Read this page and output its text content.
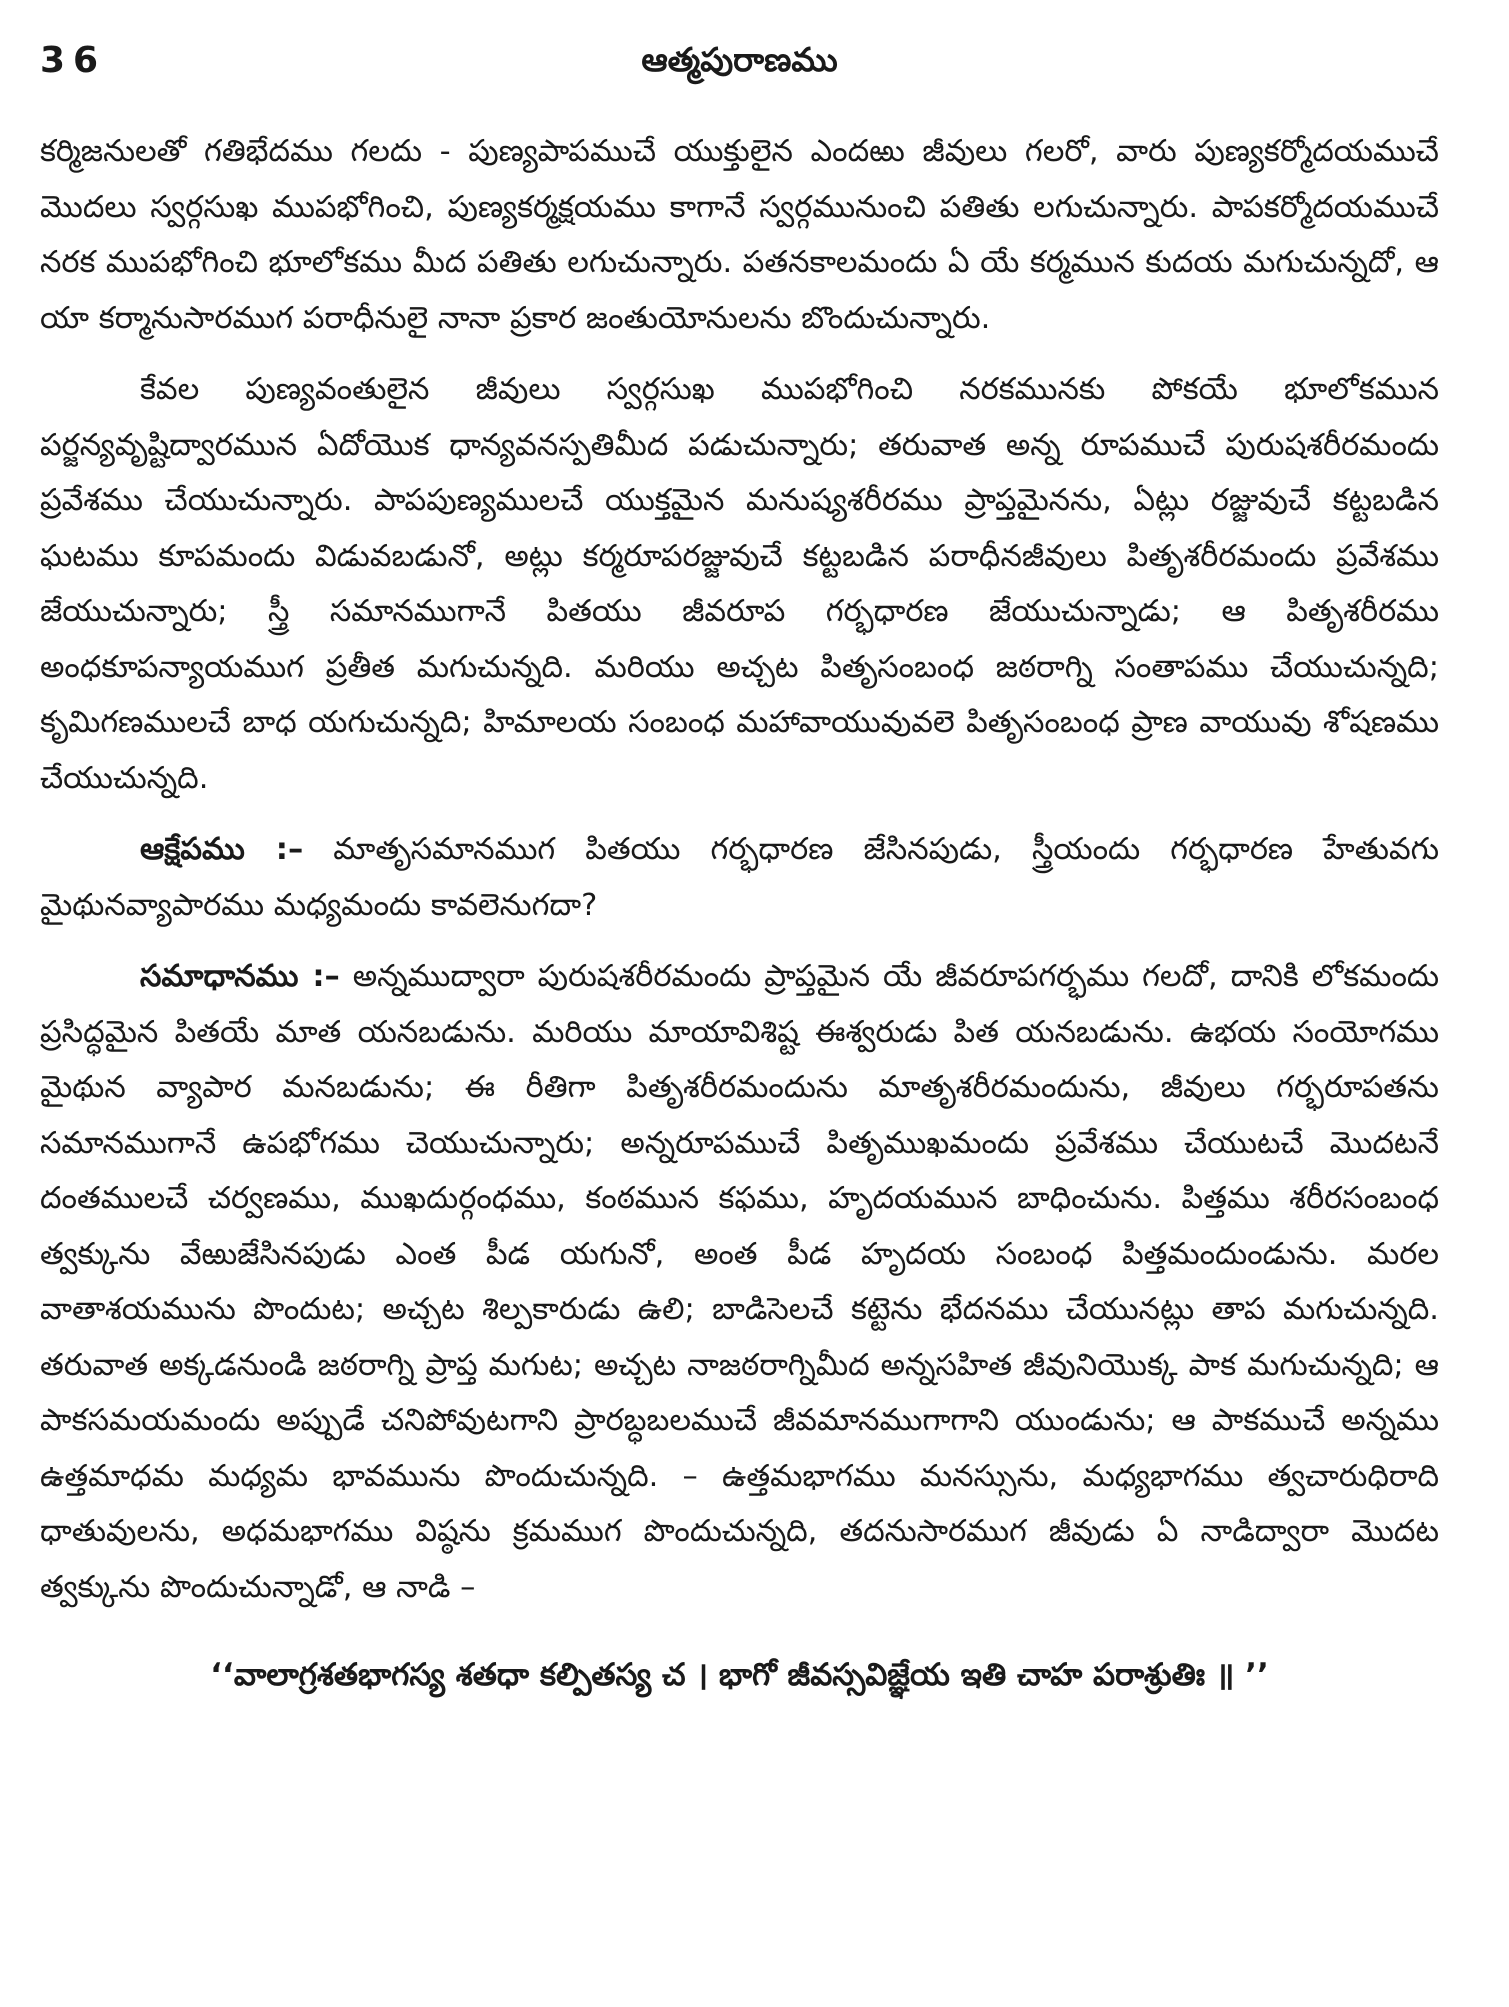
36	ఆత్మపురాణము

కర్మిజనులతో గతిభేదము గలదు - పుణ్యపాపముచే యుక్తులైన ఎందఱు జీవులు గలరో, వారు పుణ్యకర్మోదయముచే మొదలు స్వర్గసుఖ ముపభోగించి, పుణ్యకర్మక్షయము కాగానే స్వర్గమునుంచి పతితు లగుచున్నారు. పాపకర్మోదయముచే నరక ముపభోగించి భూలోకము మీద పతితు లగుచున్నారు. పతనకాలమందు ఏ యే కర్మమున కుదయ మగుచున్నదో, ఆ యా కర్మానుసారముగ పరాధీనులై నానా ప్రకార జంతుయోనులను బొందుచున్నారు.

కేవల పుణ్యవంతులైన జీవులు స్వర్గసుఖ ముపభోగించి నరకమునకు పోకయే భూలోకమున పర్జన్యవృష్టిద్వారమున ఏదోయొక ధాన్యవనస్పతిమీద పడుచున్నారు; తరువాత అన్న రూపముచే పురుషశరీరమందు ప్రవేశము చేయుచున్నారు. పాపపుణ్యములచే యుక్తమైన మనుష్యశరీరము ప్రాప్తమైనను, ఏట్లు రజ్జువుచే కట్టబడిన ఘటము కూపమందు విడువబడునో, అట్లు కర్మరూపరజ్జువుచే కట్టబడిన పరాధీనజీవులు పితృశరీరమందు ప్రవేశము జేయుచున్నారు; స్త్రీ సమానముగానే పితయు జీవరూప గర్భధారణ జేయుచున్నాడు; ఆ పితృశరీరము అంధకూపన్యాయముగ ప్రతీత మగుచున్నది. మరియు అచ్చట పితృసంబంధ జఠరాగ్ని సంతాపము చేయుచున్నది; కృమిగణములచే బాధ యగుచున్నది; హిమాలయ సంబంధ మహావాయువువలె పితృసంబంధ ప్రాణ వాయువు శోషణము చేయుచున్నది.

ఆక్షేపము :– మాతృసమానముగ పితయు గర్భధారణ జేసినపుడు, స్త్రీయందు గర్భధారణ హేతువగు మైథునవ్యాపారము మధ్యమందు కావలెనుగదా?

సమాధానము :– అన్నముద్వారా పురుషశరీరమందు ప్రాప్తమైన యే జీవరూపగర్భము గలదో, దానికి లోకమందు ప్రసిద్ధమైన పితయే మాత యనబడును. మరియు మాయావిశిష్ట ఈశ్వరుడు పిత యనబడును. ఉభయ సంయోగము మైథున వ్యాపార మనబడును; ఈ రీతిగా పితృశరీరమందును మాతృశరీరమందును, జీవులు గర్భరూపతను సమానముగానే ఉపభోగము చెయుచున్నారు; అన్నరూపముచే పితృముఖమందు ప్రవేశము చేయుటచే మొదటనే దంతములచే చర్వణము, ముఖదుర్గంధము, కంఠమున కఫము, హృదయమున బాధించును. పిత్తము శరీరసంబంధ త్వక్కును వేఱుజేసినపుడు ఎంత పీడ యగునో, అంత పీడ హృదయ సంబంధ పిత్తమందుండును. మరల వాతాశయమును పొందుట; అచ్చట శిల్పకారుడు ఉలి; బాడిసెలచే కట్టెను భేదనము చేయునట్లు తాప మగుచున్నది. తరువాత అక్కడనుండి జఠరాగ్ని ప్రాప్త మగుట; అచ్చట నాజఠరాగ్నిమీద అన్నసహిత జీవునియొక్క పాక మగుచున్నది; ఆ పాకసమయమందు అప్పుడే చనిపోవుటగాని ప్రారబ్ధబలముచే జీవమానముగాగాని యుండును; ఆ పాకముచే అన్నము ఉత్తమాధమ మధ్యమ భావమును పొందుచున్నది. – ఉత్తమభాగము మనస్సును, మధ్యభాగము త్వచారుధిరాది ధాతువులను, అధమభాగము విష్ఠను క్రమముగ పొందుచున్నది, తదనుసారముగ జీవుడు ఏ నాడిద్వారా మొదట త్వక్కును పొందుచున్నాడో, ఆ నాడి –

‘‘వాలాగ్రశతభాగస్య శతధా కల్పితస్య చ । భాగో జీవస్సవిజ్ఞేయ ఇతి చాహ పరాశ్రుతిః ॥ ’’
